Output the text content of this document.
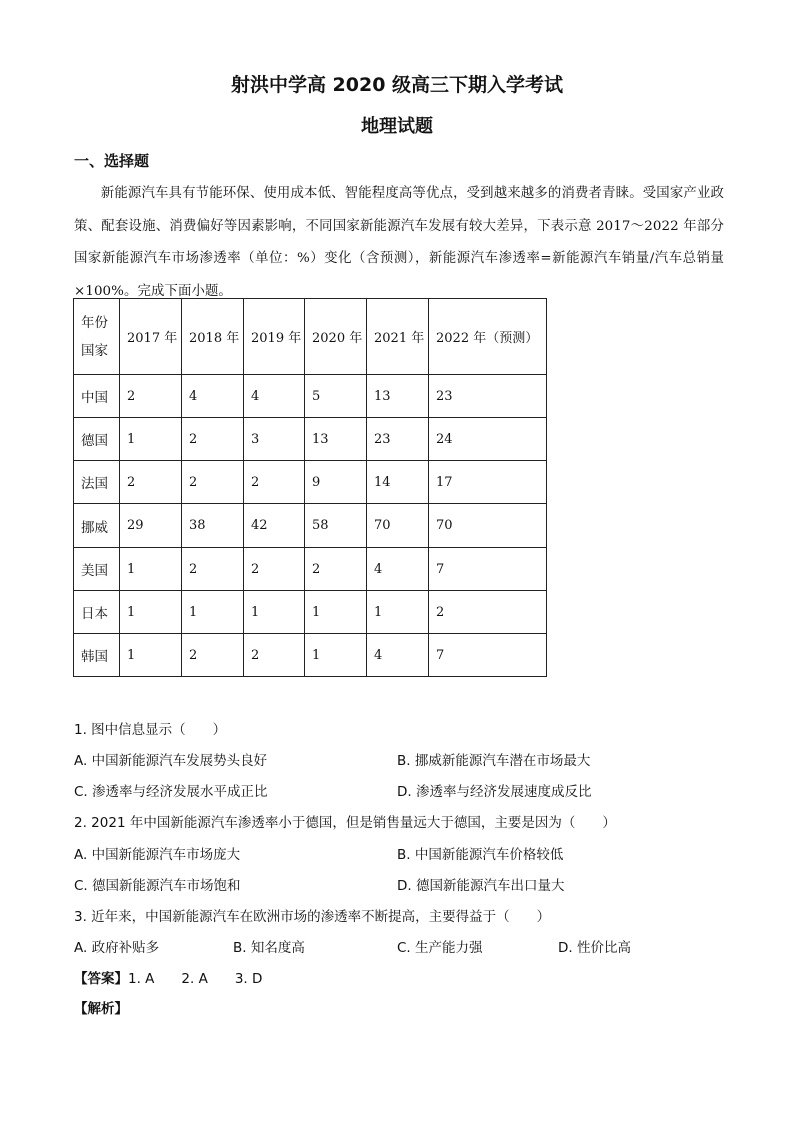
射洪中学高 2020 级高三下期入学考试
地理试题
一、选择题
新能源汽车具有节能环保、使用成本低、智能程度高等优点，受到越来越多的消费者青睐。受国家产业政策、配套设施、消费偏好等因素影响，不同国家新能源汽车发展有较大差异，下表示意 2017～2022 年部分国家新能源汽车市场渗透率（单位：%）变化（含预测），新能源汽车渗透率=新能源汽车销量/汽车总销量×100%。完成下面小题。
年份
国家	2017 年	2018 年	2019 年	2020 年	2021 年	2022 年（预测）
中国	2	4	4	5	13	23
德国	1	2	3	13	23	24
法国	2	2	2	9	14	17
挪威	29	38	42	58	70	70
美国	1	2	2	2	4	7
日本	1	1	1	1	1	2
韩国	1	2	2	1	4	7
1. 图中信息显示（　　）
A. 中国新能源汽车发展势头良好	B. 挪威新能源汽车潜在市场最大
C. 渗透率与经济发展水平成正比	D. 渗透率与经济发展速度成反比
2. 2021 年中国新能源汽车渗透率小于德国，但是销售量远大于德国，主要是因为（　　）
A. 中国新能源汽车市场庞大	B. 中国新能源汽车价格较低
C. 德国新能源汽车市场饱和	D. 德国新能源汽车出口量大
3. 近年来，中国新能源汽车在欧洲市场的渗透率不断提高，主要得益于（　　）
A. 政府补贴多	B. 知名度高	C. 生产能力强	D. 性价比高
【答案】1. A　　2. A　　3. D
【解析】
